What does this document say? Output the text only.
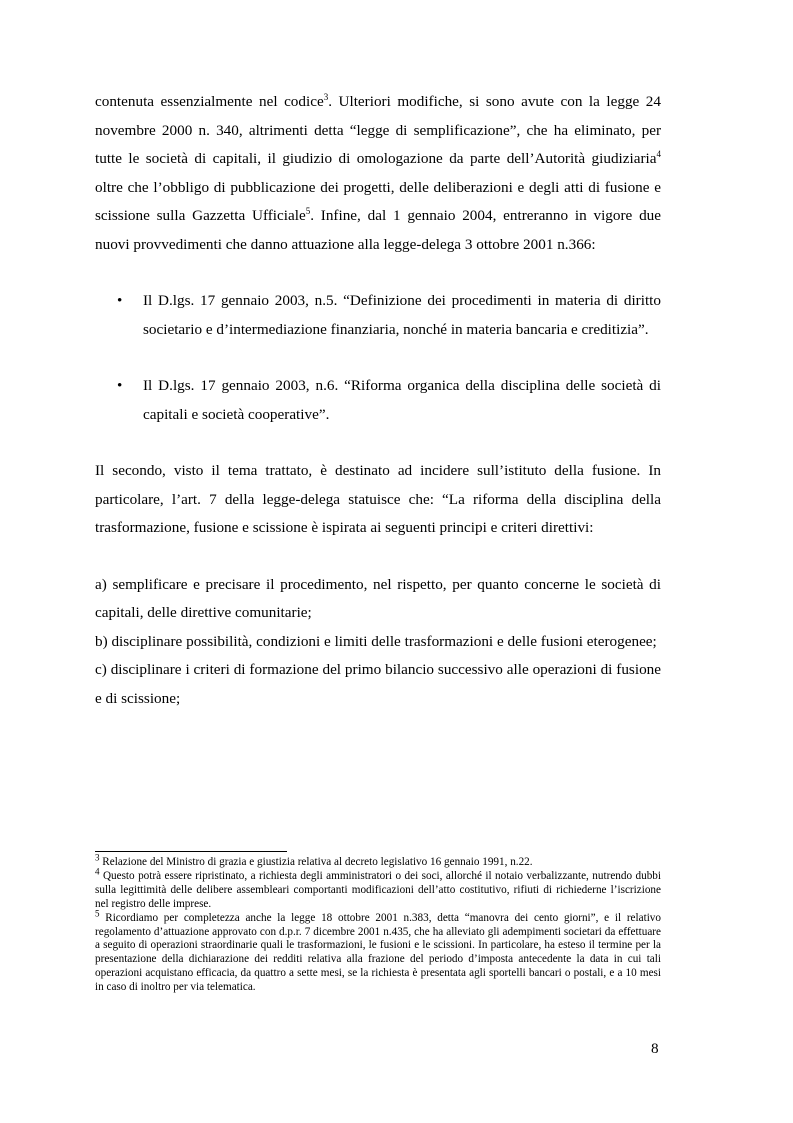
contenuta essenzialmente nel codice$^3$. Ulteriori modifiche, si sono avute con la legge 24 novembre 2000 n. 340, altrimenti detta “legge di semplificazione”, che ha eliminato, per tutte le società di capitali, il giudizio di omologazione da parte dell’Autorità giudiziaria$^4$ oltre che l’obbligo di pubblicazione dei progetti, delle deliberazioni e degli atti di fusione e scissione sulla Gazzetta Ufficiale$^5$. Infine, dal 1 gennaio 2004, entreranno in vigore due nuovi provvedimenti che danno attuazione alla legge-delega 3 ottobre 2001 n.366:

• Il D.lgs. 17 gennaio 2003, n.5. “Definizione dei procedimenti in materia di diritto societario e d’intermediazione finanziaria, nonché in materia bancaria e creditizia”.
• Il D.lgs. 17 gennaio 2003, n.6. “Riforma organica della disciplina delle società di capitali e società cooperative”.

Il secondo, visto il tema trattato, è destinato ad incidere sull’istituto della fusione. In particolare, l’art. 7 della legge-delega statuisce che: “La riforma della disciplina della trasformazione, fusione e scissione è ispirata ai seguenti principi e criteri direttivi:

a) semplificare e precisare il procedimento, nel rispetto, per quanto concerne le società di capitali, delle direttive comunitarie;

b) disciplinare possibilità, condizioni e limiti delle trasformazioni e delle fusioni eterogenee;

c) disciplinare i criteri di formazione del primo bilancio successivo alle operazioni di fusione e di scissione;

$^3$ Relazione del Ministro di grazia e giustizia relativa al decreto legislativo 16 gennaio 1991, n.22.

$^4$ Questo potrà essere ripristinato, a richiesta degli amministratori o dei soci, allorché il notaio verbalizzante, nutrendo dubbi sulla legittimità delle delibere assembleari comportanti modificazioni dell’atto costitutivo, rifiuti di richiederne l’iscrizione nel registro delle imprese.

$^5$ Ricordiamo per completezza anche la legge 18 ottobre 2001 n.383, detta “manovra dei cento giorni”, e il relativo regolamento d’attuazione approvato con d.p.r. 7 dicembre 2001 n.435, che ha alleviato gli adempimenti societari da effettuare a seguito di operazioni straordinarie quali le trasformazioni, le fusioni e le scissioni. In particolare, ha esteso il termine per la presentazione della dichiarazione dei redditi relativa alla frazione del periodo d’imposta antecedente la data in cui tali operazioni acquistano efficacia, da quattro a sette mesi, se la richiesta è presentata agli sportelli bancari o postali, e a 10 mesi in caso di inoltro per via telematica.

8
